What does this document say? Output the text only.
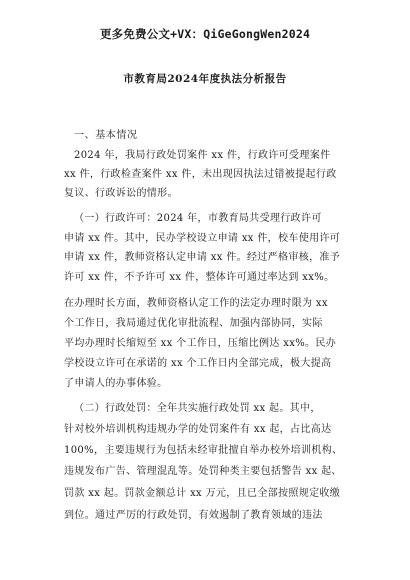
更多免费公文+VX：QiGeGongWen2024
市教育局2024年度执法分析报告
一、基本情况
2024 年，我局行政处罚案件 xx 件，行政许可受理案件
xx 件，行政检查案件 xx 件，未出现因执法过错被提起行政
复议、行政诉讼的情形。
（一）行政许可：2024 年，市教育局共受理行政许可
申请 xx 件。其中，民办学校设立申请 xx 件，校车使用许可
申请 xx 件，教师资格认定申请 xx 件。经过严格审核，准予
许可 xx 件，不予许可 xx 件，整体许可通过率达到 xx%。
在办理时长方面，教师资格认定工作的法定办理时限为 xx
个工作日，我局通过优化审批流程、加强内部协同，实际
平均办理时长缩短至 xx 个工作日，压缩比例达 xx%。民办
学校设立许可在承诺的 xx 个工作日内全部完成，极大提高
了申请人的办事体验。
（二）行政处罚：全年共实施行政处罚 xx 起。其中，
针对校外培训机构违规办学的处罚案件有 xx 起，占比高达
100%，主要违规行为包括未经审批擅自举办校外培训机构、
违规发布广告、管理混乱等。处罚种类主要包括警告 xx 起、
罚款 xx 起。罚款金额总计 xx 万元，且已全部按照规定收缴
到位。通过严厉的行政处罚，有效遏制了教育领域的违法
